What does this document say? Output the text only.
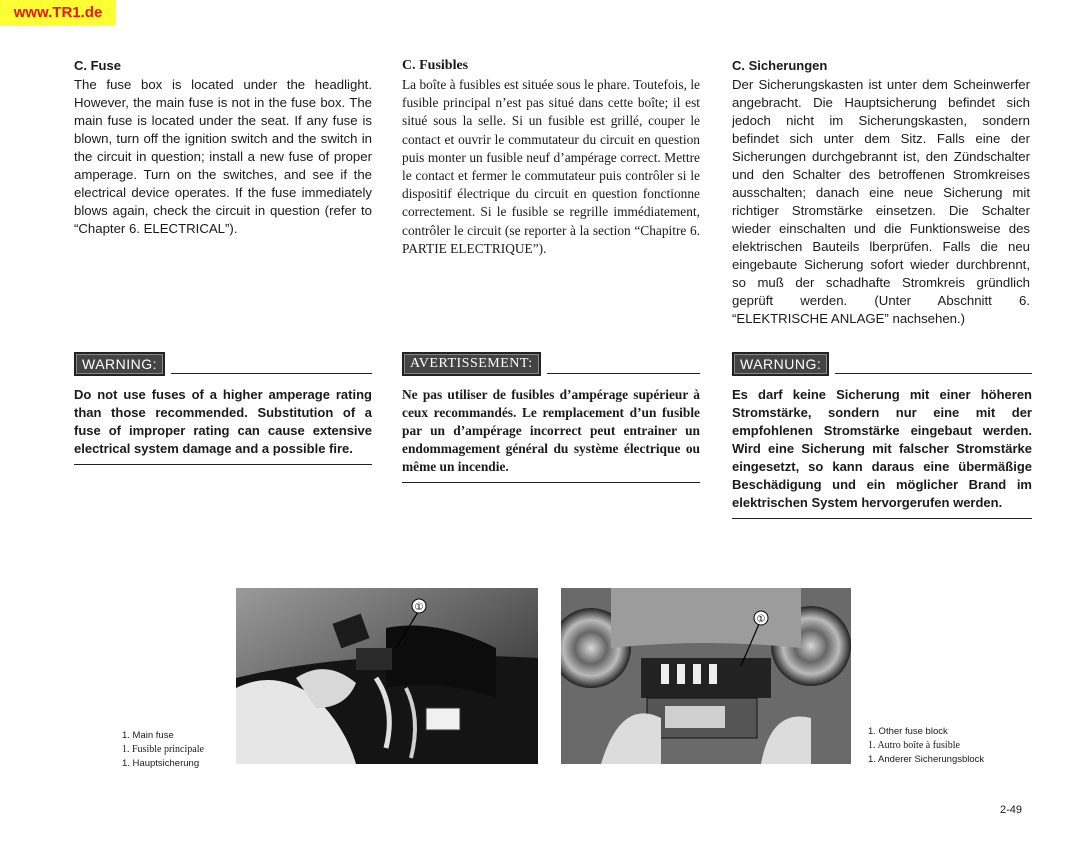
www.TR1.de
C. Fuse

The fuse box is located under the headlight. However, the main fuse is not in the fuse box. The main fuse is located under the seat. If any fuse is blown, turn off the ignition switch and the switch in the circuit in question; install a new fuse of proper amperage. Turn on the switches, and see if the electrical device operates. If the fuse immediately blows again, check the circuit in question (refer to “Chapter 6. ELECTRICAL”).

C. Fusibles

La boîte à fusibles est située sous le phare. Toutefois, le fusible principal n’est pas situé dans cette boîte; il est situé sous la selle. Si un fusible est grillé, couper le contact et ouvrir le commutateur du circuit en question puis monter un fusible neuf d’ampérage correct. Mettre le contact et fermer le commutateur puis contrôler si le dispositif électrique du circuit en question fonctionne correctement. Si le fusible se regrille immédiatement, contrôler le circuit (se reporter à la section “Chapitre 6. PARTIE ELECTRIQUE”).

C. Sicherungen

Der Sicherungskasten ist unter dem Scheinwerfer angebracht. Die Hauptsicherung befindet sich jedoch nicht im Sicherungskasten, sondern befindet sich unter dem Sitz. Falls eine der Sicherungen durchgebrannt ist, den Zündschalter und den Schalter des betroffenen Stromkreises ausschalten; danach eine neue Sicherung mit richtiger Stromstärke einsetzen. Die Schalter wieder einschalten und die Funktionsweise des elektrischen Bauteils lberprüfen. Falls die neu eingebaute Sicherung sofort wieder durchbrennt, so muß der schadhafte Stromkreis gründlich geprüft werden. (Unter Abschnitt 6. “ELEKTRISCHE ANLAGE” nachsehen.)

WARNING:

Do not use fuses of a higher amperage rating than those recommended. Substitution of a fuse of improper rating can cause extensive electrical system damage and a possible fire.

AVERTISSEMENT:

Ne pas utiliser de fusibles d’ampérage supérieur à ceux recommandés. Le remplacement d’un fusible par un d’ampérage incorrect peut entrainer un endommagement général du système électrique ou même un incendie.

WARNUNG:

Es darf keine Sicherung mit einer höheren Stromstärke, sondern nur eine mit der empfohlenen Stromstärke eingebaut werden. Wird eine Sicherung mit falscher Stromstärke eingesetzt, so kann daraus eine übermäßige Beschädigung und ein möglicher Brand im elektrischen System hervorgerufen werden.

①
①
1. Main fuse
1. Fusible principale
1. Hauptsicherung
1. Other fuse block
1. Autro boîte à fusible
1. Anderer Sicherungsblock
2-49
